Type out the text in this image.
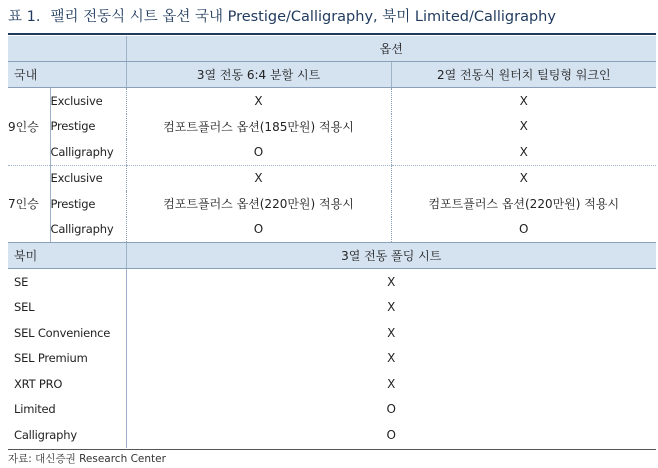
표 1. 팰리 전동식 시트 옵션 국내 Prestige/Calligraphy, 북미 Limited/Calligraphy
		옵션	
국내		3열 전동 6:4 분할 시트	2열 전동식 원터치 틸팅형 워크인
9인승	Exclusive	X	X
	Prestige	컴포트플러스 옵션(185만원) 적용시	X
	Calligraphy	O	X
7인승	Exclusive	X	X
	Prestige	컴포트플러스 옵션(220만원) 적용시	컴포트플러스 옵션(220만원) 적용시
	Calligraphy	O	O
북미		3열 전동 폴딩 시트	
SE		X	
SEL		X	
SEL Convenience		X	
SEL Premium		X	
XRT PRO		X	
Limited		O	
Calligraphy		O	
자료: 대신증권 Research Center
